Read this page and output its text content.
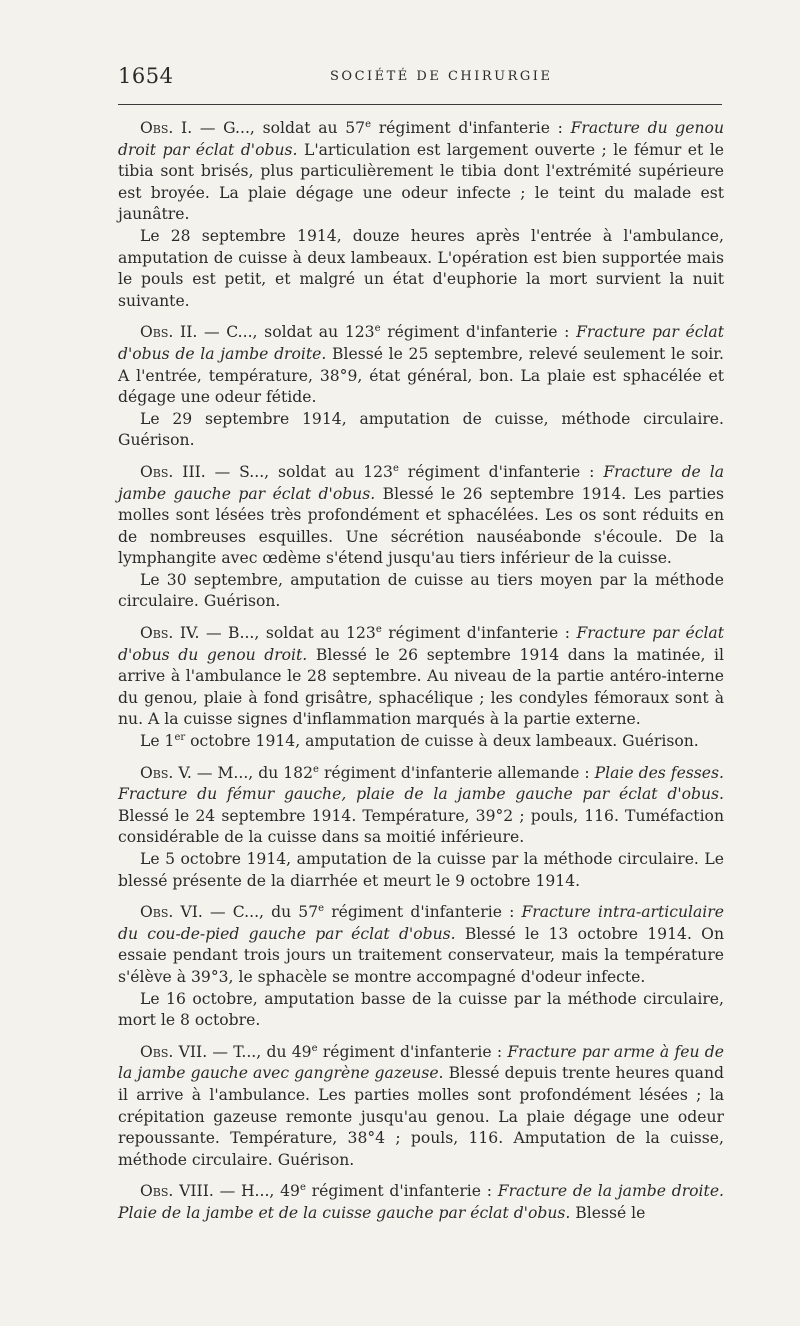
1654	SOCIÉTÉ DE CHIRURGIE

Obs. I. — G..., soldat au 57e régiment d'infanterie : Fracture du genou droit par éclat d'obus. L'articulation est largement ouverte ; le fémur et le tibia sont brisés, plus particulièrement le tibia dont l'extrémité supérieure est broyée. La plaie dégage une odeur infecte ; le teint du malade est jaunâtre.

Le 28 septembre 1914, douze heures après l'entrée à l'ambulance, amputation de cuisse à deux lambeaux. L'opération est bien supportée mais le pouls est petit, et malgré un état d'euphorie la mort survient la nuit suivante.

Obs. II. — C..., soldat au 123e régiment d'infanterie : Fracture par éclat d'obus de la jambe droite. Blessé le 25 septembre, relevé seulement le soir. A l'entrée, température, 38°9, état général, bon. La plaie est sphacélée et dégage une odeur fétide.

Le 29 septembre 1914, amputation de cuisse, méthode circulaire. Guérison.

Obs. III. — S..., soldat au 123e régiment d'infanterie : Fracture de la jambe gauche par éclat d'obus. Blessé le 26 septembre 1914. Les parties molles sont lésées très profondément et sphacélées. Les os sont réduits en de nombreuses esquilles. Une sécrétion nauséabonde s'écoule. De la lymphangite avec œdème s'étend jusqu'au tiers inférieur de la cuisse.

Le 30 septembre, amputation de cuisse au tiers moyen par la méthode circulaire. Guérison.

Obs. IV. — B..., soldat au 123e régiment d'infanterie : Fracture par éclat d'obus du genou droit. Blessé le 26 septembre 1914 dans la matinée, il arrive à l'ambulance le 28 septembre. Au niveau de la partie antéro-interne du genou, plaie à fond grisâtre, sphacélique ; les condyles fémoraux sont à nu. A la cuisse signes d'inflammation marqués à la partie externe.

Le 1er octobre 1914, amputation de cuisse à deux lambeaux. Guérison.

Obs. V. — M..., du 182e régiment d'infanterie allemande : Plaie des fesses. Fracture du fémur gauche, plaie de la jambe gauche par éclat d'obus. Blessé le 24 septembre 1914. Température, 39°2 ; pouls, 116. Tuméfaction considérable de la cuisse dans sa moitié inférieure.

Le 5 octobre 1914, amputation de la cuisse par la méthode circulaire. Le blessé présente de la diarrhée et meurt le 9 octobre 1914.

Obs. VI. — C..., du 57e régiment d'infanterie : Fracture intra-articulaire du cou-de-pied gauche par éclat d'obus. Blessé le 13 octobre 1914. On essaie pendant trois jours un traitement conservateur, mais la température s'élève à 39°3, le sphacèle se montre accompagné d'odeur infecte.

Le 16 octobre, amputation basse de la cuisse par la méthode circulaire, mort le 8 octobre.

Obs. VII. — T..., du 49e régiment d'infanterie : Fracture par arme à feu de la jambe gauche avec gangrène gazeuse. Blessé depuis trente heures quand il arrive à l'ambulance. Les parties molles sont profondément lésées ; la crépitation gazeuse remonte jusqu'au genou. La plaie dégage une odeur repoussante. Température, 38°4 ; pouls, 116. Amputation de la cuisse, méthode circulaire. Guérison.

Obs. VIII. — H..., 49e régiment d'infanterie : Fracture de la jambe droite. Plaie de la jambe et de la cuisse gauche par éclat d'obus. Blessé le
